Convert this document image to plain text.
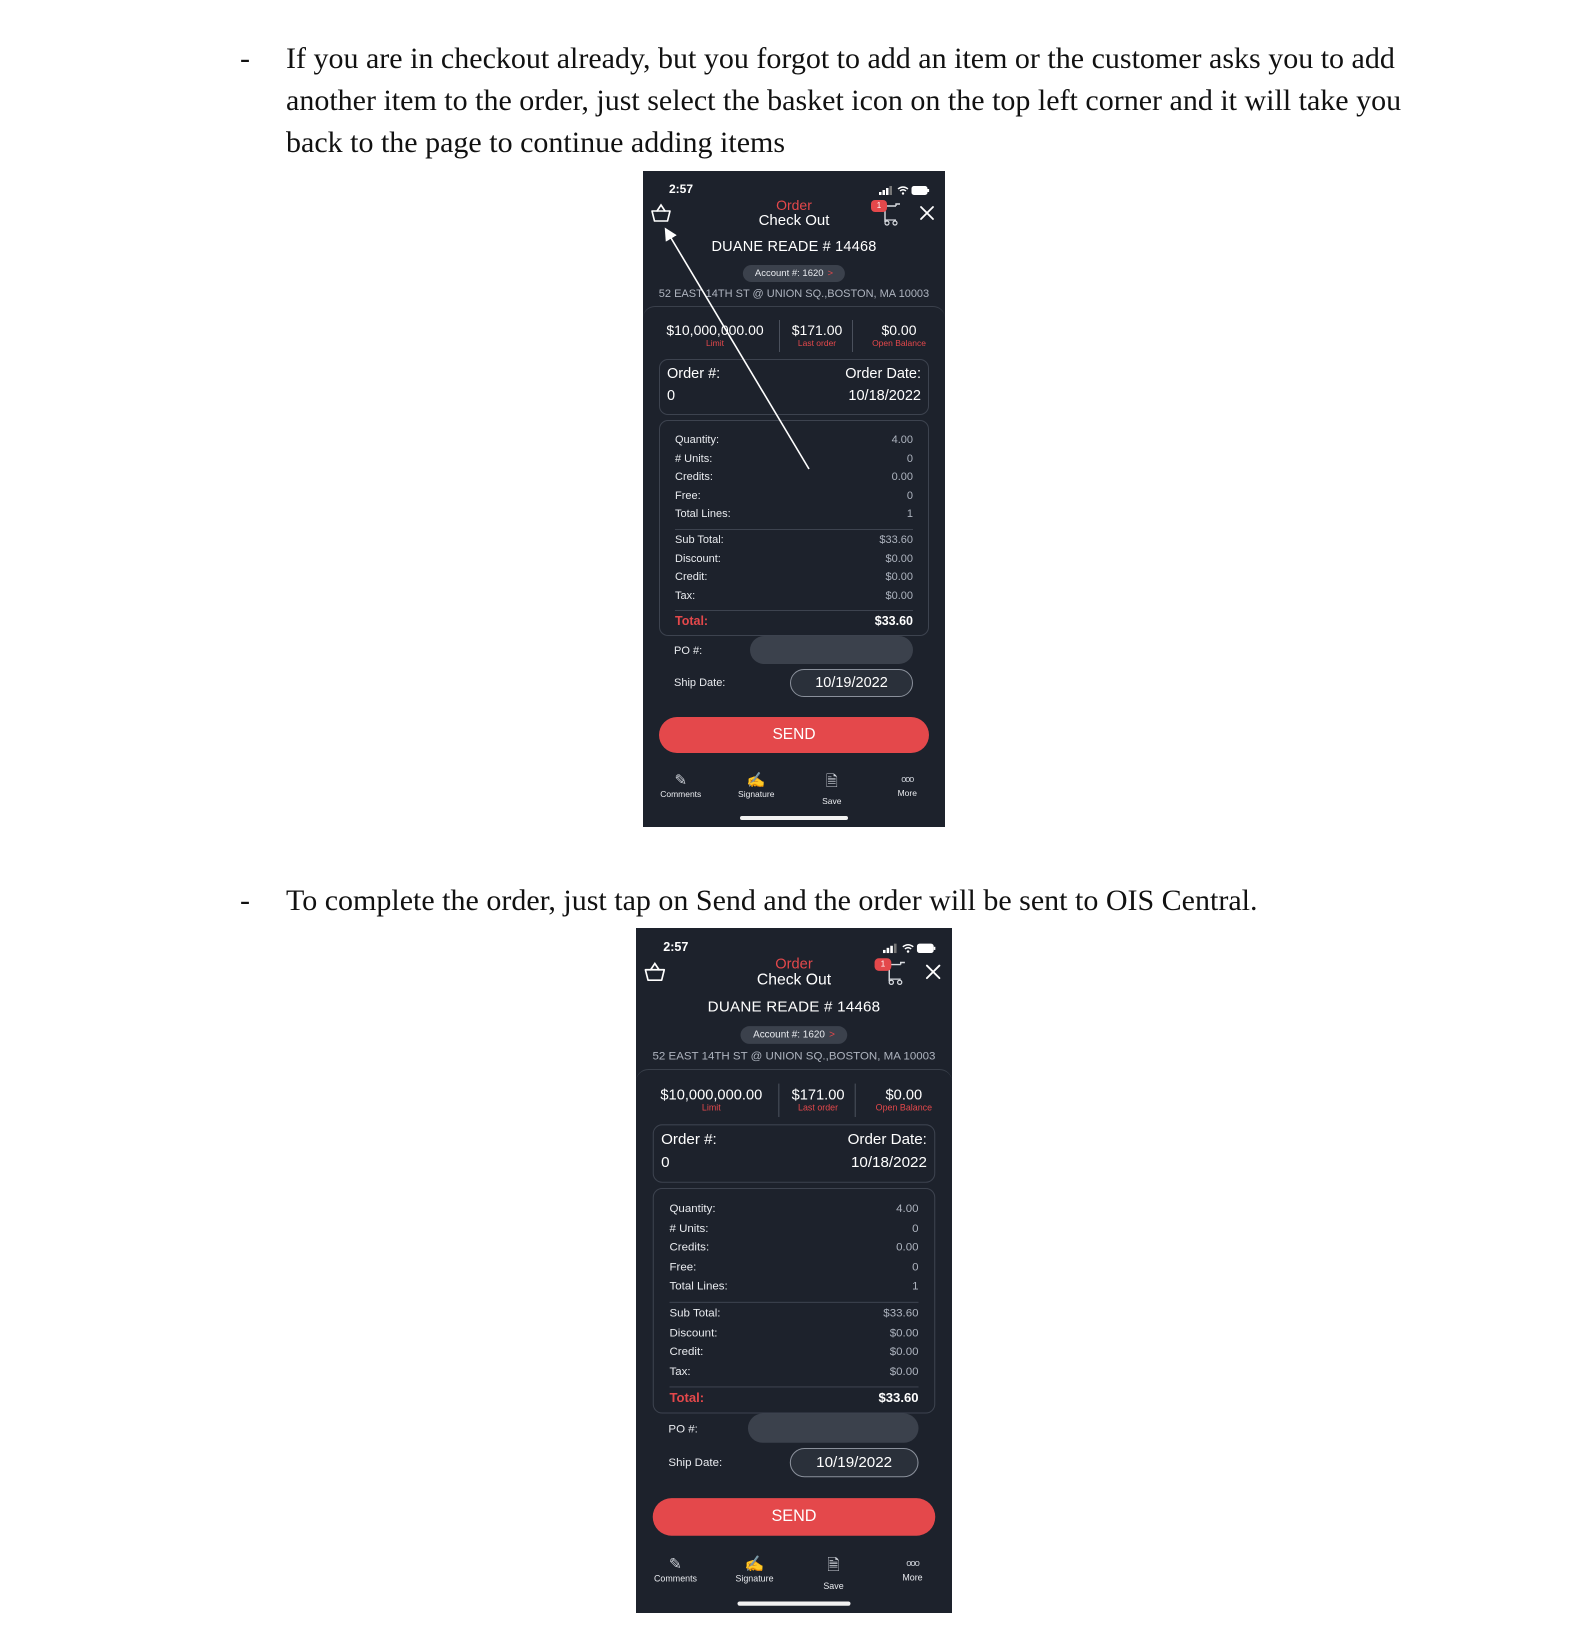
- If you are in checkout already, but you forgot to add an item or the customer asks you to add another item to the order, just select the basket icon on the top left corner and it will take you back to the page to continue adding items
- To complete the order, just tap on Send and the order will be sent to OIS Central.
2:57
Order
Check Out
1
DUANE READE # 14468
Account #: 1620 >
52 EAST 14TH ST @ UNION SQ.,BOSTON, MA 10003
$10,000,000.00
Limit
$171.00
Last order
$0.00
Open Balance
Order #:
0
Order Date:
10/18/2022
Quantity:	4.00
# Units:	0
Credits:	0.00
Free:	0
Total Lines:	1
Sub Total:	$33.60
Discount:	$0.00
Credit:	$0.00
Tax:	$0.00
Total:	$33.60
PO #:
Ship Date:	10/19/2022
SEND
✎
Comments
✍
Signature
🗎
Save
ooo
More
2:57
Order
Check Out
1
DUANE READE # 14468
Account #: 1620 >
52 EAST 14TH ST @ UNION SQ.,BOSTON, MA 10003
$10,000,000.00
Limit
$171.00
Last order
$0.00
Open Balance
Order #:
0
Order Date:
10/18/2022
Quantity:	4.00
# Units:	0
Credits:	0.00
Free:	0
Total Lines:	1
Sub Total:	$33.60
Discount:	$0.00
Credit:	$0.00
Tax:	$0.00
Total:	$33.60
PO #:
Ship Date:	10/19/2022
SEND
✎
Comments
✍
Signature
🗎
Save
ooo
More
